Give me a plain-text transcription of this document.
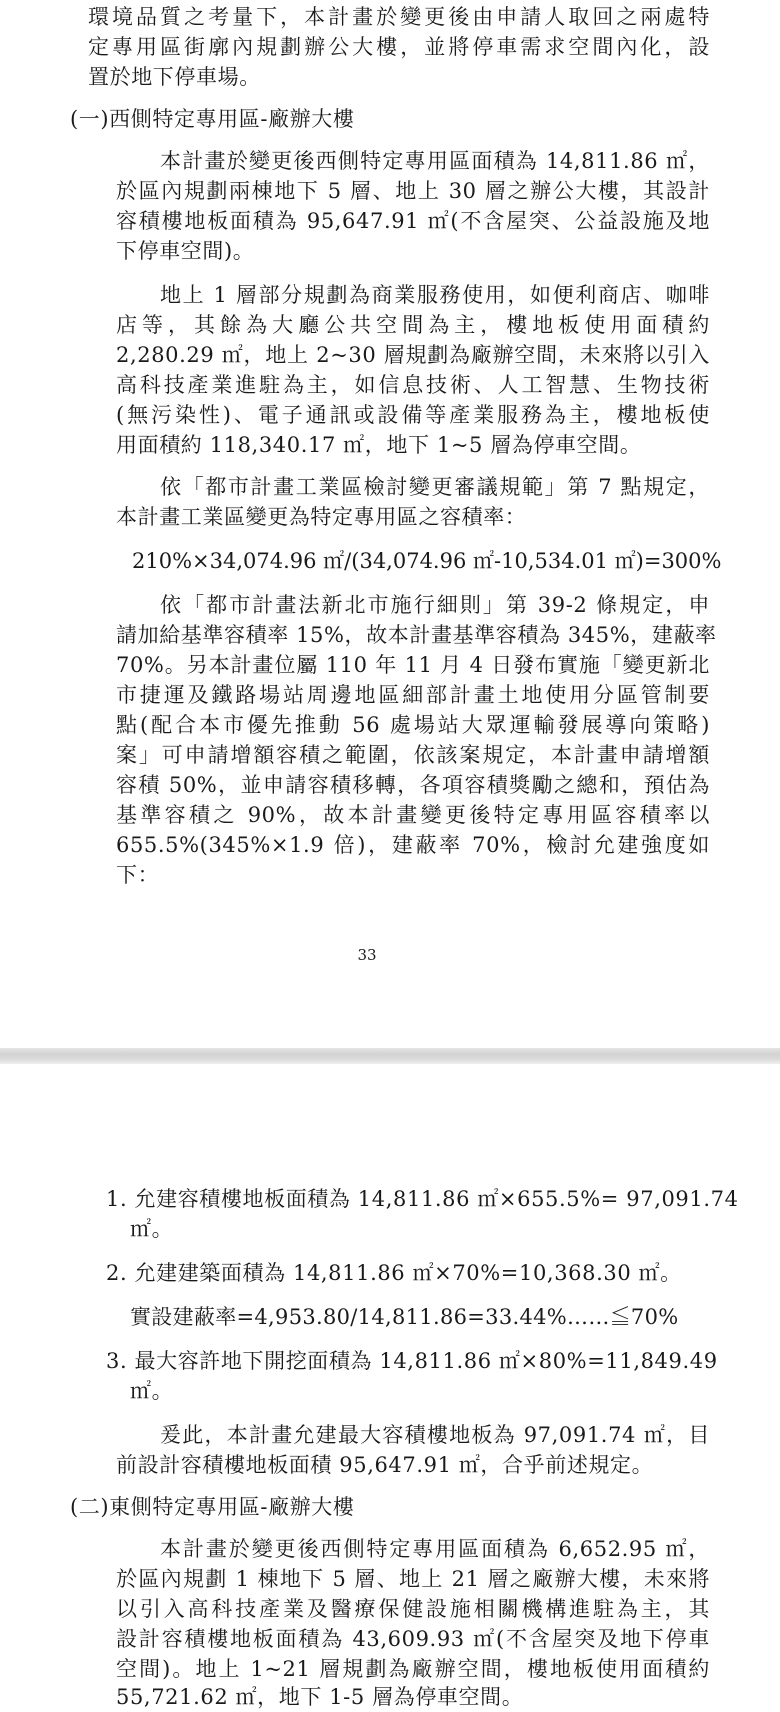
環境品質之考量下，本計畫於變更後由申請人取回之兩處特
定專用區街廓內規劃辦公大樓，並將停車需求空間內化，設
置於地下停車場。
(一)西側特定專用區-廠辦大樓
本計畫於變更後西側特定專用區面積為 14,811.86 ㎡，
於區內規劃兩棟地下 5 層、地上 30 層之辦公大樓，其設計
容積樓地板面積為 95,647.91 ㎡(不含屋突、公益設施及地
下停車空間)。
地上 1 層部分規劃為商業服務使用，如便利商店、咖啡
店等，其餘為大廳公共空間為主，樓地板使用面積約
2,280.29 ㎡，地上 2~30 層規劃為廠辦空間，未來將以引入
高科技產業進駐為主，如信息技術、人工智慧、生物技術
(無污染性)、電子通訊或設備等產業服務為主，樓地板使
用面積約 118,340.17 ㎡，地下 1~5 層為停車空間。
依「都市計畫工業區檢討變更審議規範」第 7 點規定，
本計畫工業區變更為特定專用區之容積率：
210%×34,074.96 ㎡/(34,074.96 ㎡-10,534.01 ㎡)=300%
依「都市計畫法新北市施行細則」第 39-2 條規定，申
請加給基準容積率 15%，故本計畫基準容積為 345%，建蔽率
70%。另本計畫位屬 110 年 11 月 4 日發布實施「變更新北
市捷運及鐵路場站周邊地區細部計畫土地使用分區管制要
點(配合本市優先推動 56 處場站大眾運輸發展導向策略)
案」可申請增額容積之範圍，依該案規定，本計畫申請增額
容積 50%，並申請容積移轉，各項容積獎勵之總和，預估為
基準容積之 90%，故本計畫變更後特定專用區容積率以
655.5%(345%×1.9 倍)，建蔽率 70%，檢討允建強度如
下：
33
1. 允建容積樓地板面積為 14,811.86 ㎡×655.5%= 97,091.74
㎡。
2. 允建建築面積為 14,811.86 ㎡×70%=10,368.30 ㎡。
實設建蔽率=4,953.80/14,811.86=33.44%……≦70%
3. 最大容許地下開挖面積為 14,811.86 ㎡×80%=11,849.49
㎡。
爰此，本計畫允建最大容積樓地板為 97,091.74 ㎡，目
前設計容積樓地板面積 95,647.91 ㎡，合乎前述規定。
(二)東側特定專用區-廠辦大樓
本計畫於變更後西側特定專用區面積為 6,652.95 ㎡，
於區內規劃 1 棟地下 5 層、地上 21 層之廠辦大樓，未來將
以引入高科技產業及醫療保健設施相關機構進駐為主，其
設計容積樓地板面積為 43,609.93 ㎡(不含屋突及地下停車
空間)。地上 1~21 層規劃為廠辦空間，樓地板使用面積約
55,721.62 ㎡，地下 1-5 層為停車空間。
